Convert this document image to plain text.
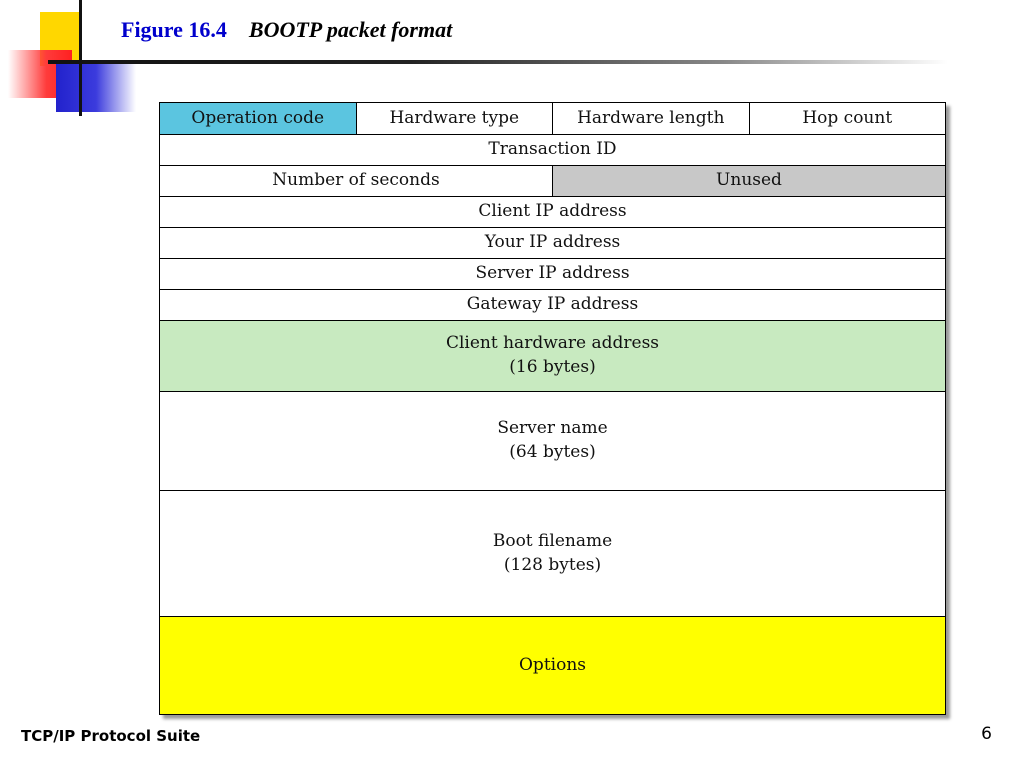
Figure 16.4 BOOTP packet format
Operation code	Hardware type	Hardware length	Hop count
Transaction ID
Number of seconds	Unused
Client IP address
Your IP address
Server IP address
Gateway IP address
Client hardware address
(16 bytes)
Server name
(64 bytes)
Boot filename
(128 bytes)
Options

TCP/IP Protocol Suite	6
